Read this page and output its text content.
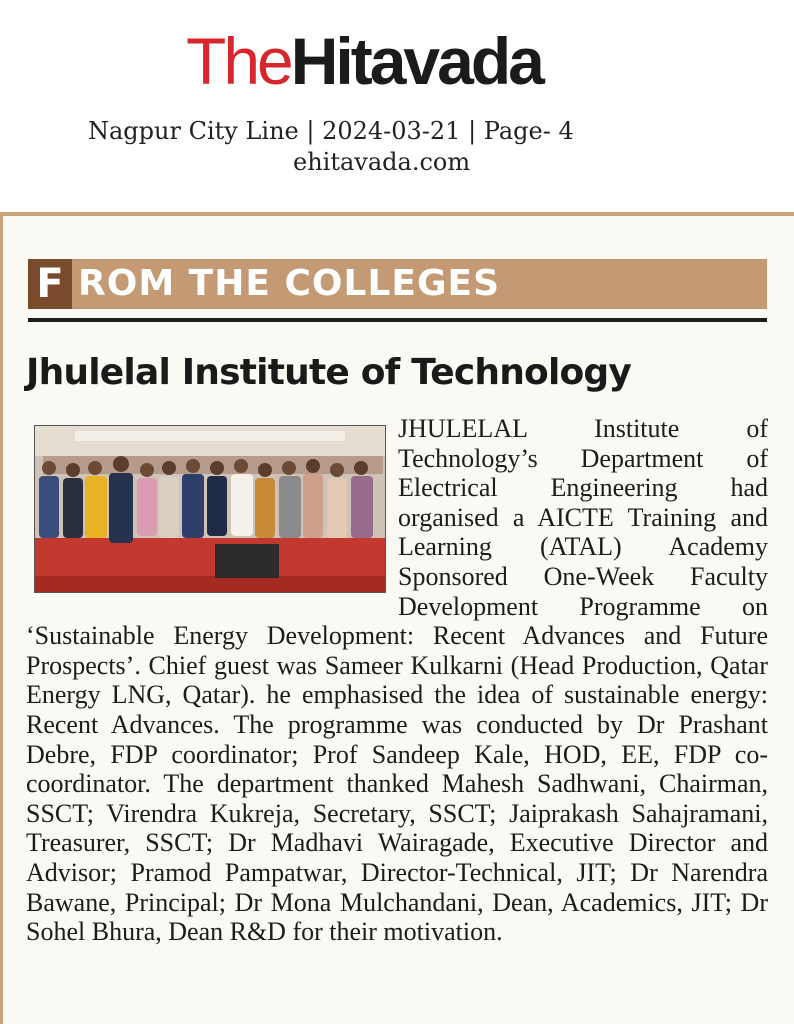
TheHitavada
Nagpur City Line | 2024-03-21 | Page- 4
ehitavada.com
F ROM THE COLLEGES
Jhulelal Institute of Technology
JHULELAL Institute of Technology’s Department of Electrical Engineering had organised a AICTE Training and Learning (ATAL) Academy Sponsored One-Week Faculty Development Programme on ‘Sustainable Energy Development: Recent Advances and Future Prospects’. Chief guest was Sameer Kulkarni (Head Production, Qatar Energy LNG, Qatar). he emphasised the idea of sustainable energy: Recent Advances. The programme was conducted by Dr Prashant Debre, FDP coordinator; Prof Sandeep Kale, HOD, EE, FDP co-coordinator. The department thanked Mahesh Sadhwani, Chairman, SSCT; Virendra Kukreja, Secretary, SSCT; Jaiprakash Sahajramani, Treasurer, SSCT; Dr Madhavi Wairagade, Executive Director and Advisor; Pramod Pampatwar, Director-Technical, JIT; Dr Narendra Bawane, Principal; Dr Mona Mulchandani, Dean, Academics, JIT; Dr Sohel Bhura, Dean R&D for their motivation.
